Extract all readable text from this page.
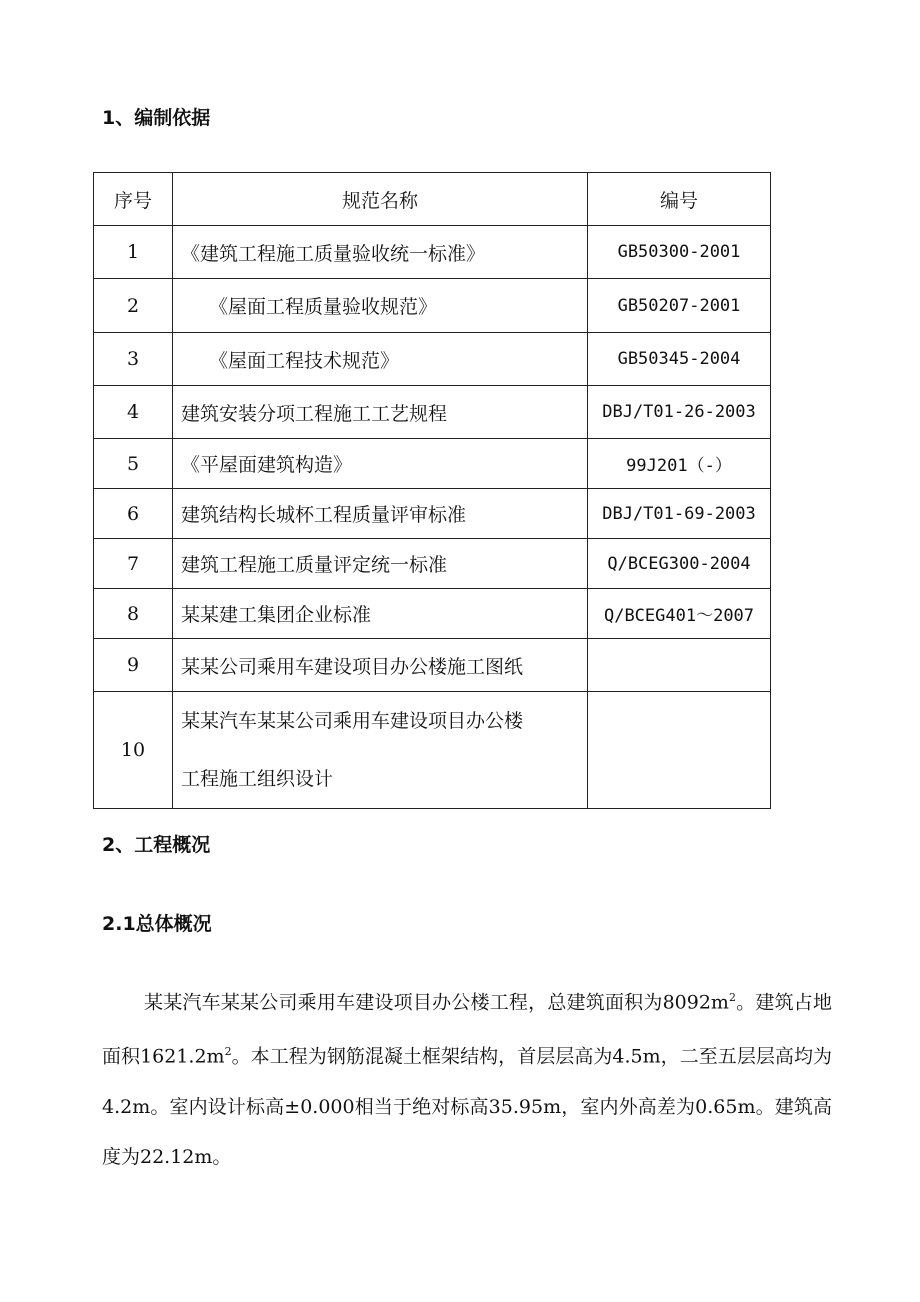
1、编制依据
序号	规范名称	编号
1	《建筑工程施工质量验收统一标准》	GB50300-2001
2	《屋面工程质量验收规范》	GB50207-2001
3	《屋面工程技术规范》	GB50345-2004
4	建筑安装分项工程施工工艺规程	DBJ/T01-26-2003
5	《平屋面建筑构造》	99J201（-）
6	建筑结构长城杯工程质量评审标准	DBJ/T01-69-2003
7	建筑工程施工质量评定统一标准	Q/BCEG300-2004
8	某某建工集团企业标准	Q/BCEG401～2007
9	某某公司乘用车建设项目办公楼施工图纸	
10	某某汽车某某公司乘用车建设项目办公楼
工程施工组织设计	
2、工程概况
2.1总体概况

某某汽车某某公司乘用车建设项目办公楼工程，总建筑面积为$8092m^2$。建筑占地面积$1621.2m^2$。本工程为钢筋混凝土框架结构，首层层高为4.5m，二至五层层高均为4.2m。室内设计标高±0.000相当于绝对标高35.95m，室内外高差为0.65m。建筑高度为22.12m。
